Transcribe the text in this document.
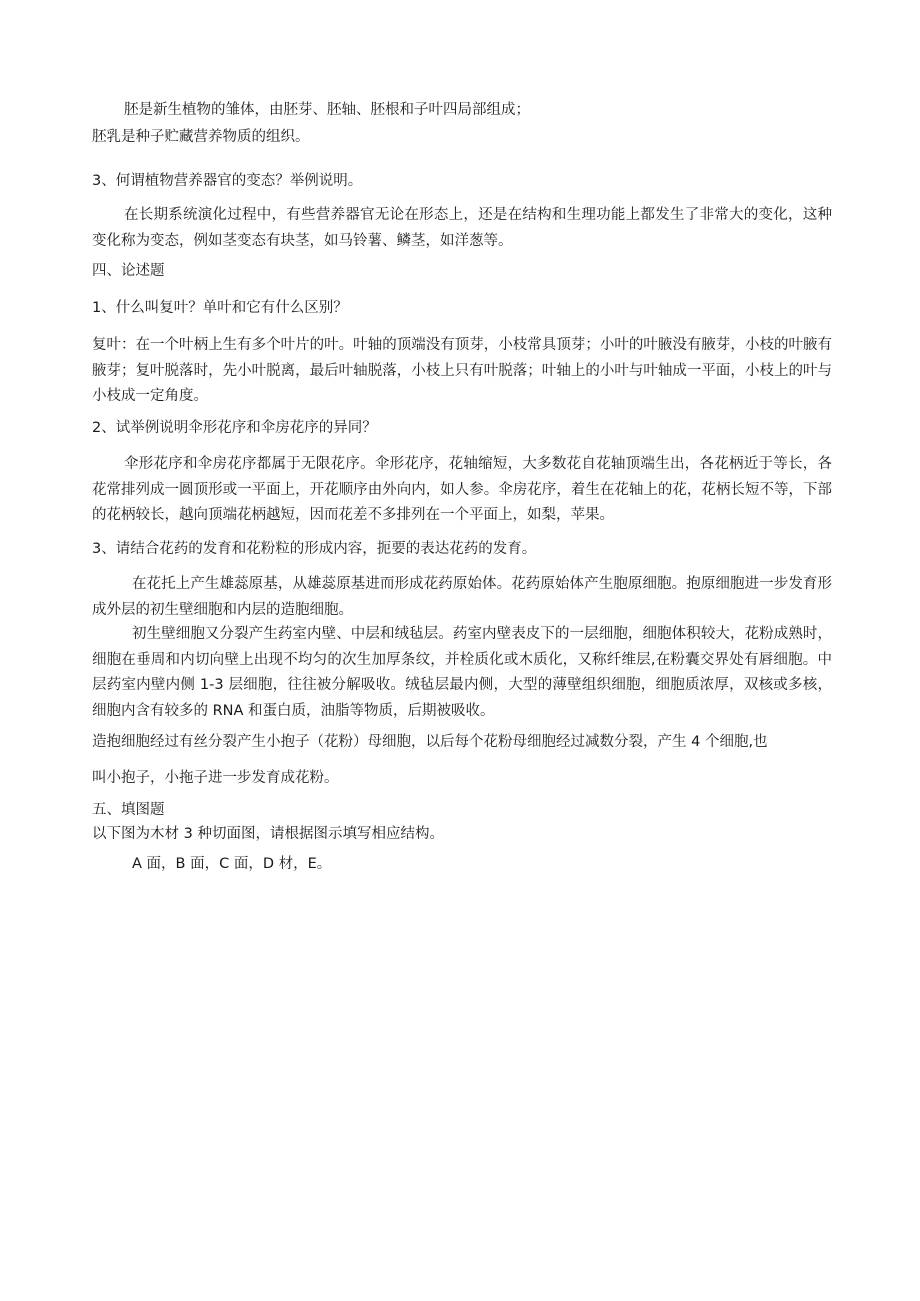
胚是新生植物的雏体，由胚芽、胚轴、胚根和子叶四局部组成；
胚乳是种子贮藏营养物质的组织。
3、何谓植物营养器官的变态？举例说明。
在长期系统演化过程中，有些营养器官无论在形态上，还是在结构和生理功能上都发生了非常大的变化，这种变化称为变态，例如茎变态有块茎，如马铃薯、鳞茎，如洋葱等。
四、论述题
1、什么叫复叶？单叶和它有什么区别？
复叶：在一个叶柄上生有多个叶片的叶。叶轴的顶端没有顶芽，小枝常具顶芽；小叶的叶腋没有腋芽，小枝的叶腋有腋芽；复叶脱落时，先小叶脱离，最后叶轴脱落，小枝上只有叶脱落；叶轴上的小叶与叶轴成一平面，小枝上的叶与小枝成一定角度。
2、试举例说明伞形花序和伞房花序的异同？
伞形花序和伞房花序都属于无限花序。伞形花序，花轴缩短，大多数花自花轴顶端生出，各花柄近于等长，各花常排列成一圆顶形或一平面上，开花顺序由外向内，如人参。伞房花序，着生在花轴上的花，花柄长短不等，下部的花柄较长，越向顶端花柄越短，因而花差不多排列在一个平面上，如梨，苹果。
3、请结合花药的发育和花粉粒的形成内容，扼要的表达花药的发育。
在花托上产生雄蕊原基，从雄蕊原基进而形成花药原始体。花药原始体产生胞原细胞。抱原细胞进一步发育形成外层的初生壁细胞和内层的造胞细胞。
初生壁细胞又分裂产生药室内壁、中层和绒毡层。药室内壁表皮下的一层细胞，细胞体积较大，花粉成熟时，细胞在垂周和内切向壁上出现不均匀的次生加厚条纹，并栓质化或木质化，又称纤维层,在粉囊交界处有唇细胞。中层药室内壁内侧 1-3 层细胞，往往被分解吸收。绒毡层最内侧，大型的薄壁组织细胞，细胞质浓厚，双核或多核，细胞内含有较多的 RNA 和蛋白质，油脂等物质，后期被吸收。
造抱细胞经过有丝分裂产生小抱子（花粉）母细胞，以后每个花粉母细胞经过减数分裂，产生 4 个细胞,也
叫小抱子，小拖子进一步发育成花粉。
五、填图题
以下图为木材 3 种切面图，请根据图示填写相应结构。
A 面，B 面，C 面，D 材，E。
